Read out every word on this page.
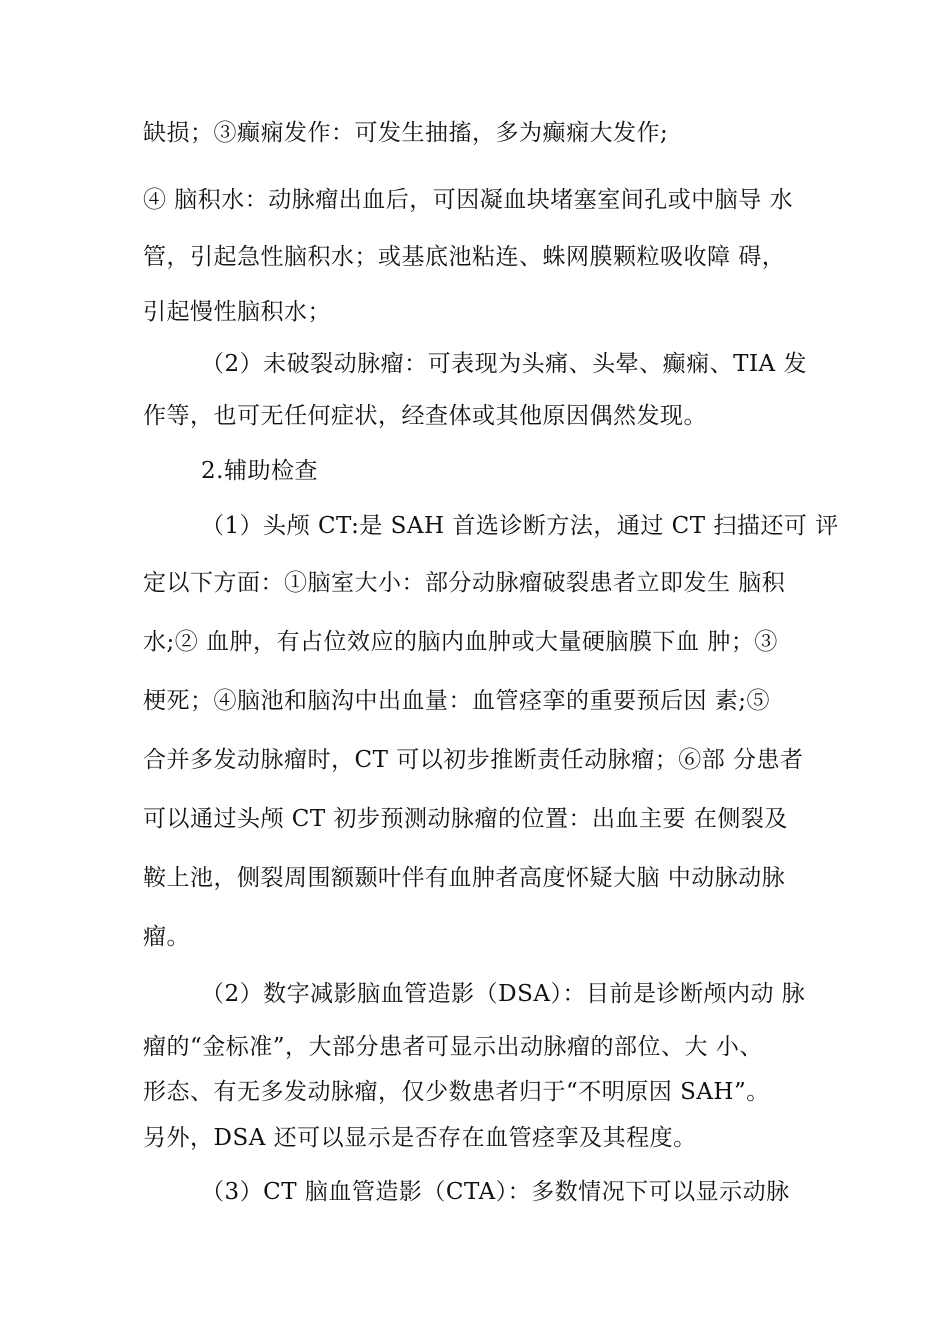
缺损；③癫痫发作：可发生抽搐，多为癫痫大发作;
④ 脑积水：动脉瘤出血后，可因凝血块堵塞室间孔或中脑导 水
管，引起急性脑积水；或基底池粘连、蛛网膜颗粒吸收障 碍，
引起慢性脑积水；
（2）未破裂动脉瘤：可表现为头痛、头晕、癫痫、TIA 发
作等，也可无任何症状，经查体或其他原因偶然发现。
2.辅助检查
（1）头颅 CT:是 SAH 首选诊断方法，通过 CT 扫描还可 评
定以下方面：①脑室大小：部分动脉瘤破裂患者立即发生 脑积
水;② 血肿，有占位效应的脑内血肿或大量硬脑膜下血 肿；③
梗死；④脑池和脑沟中出血量：血管痉挛的重要预后因 素;⑤
合并多发动脉瘤时，CT 可以初步推断责任动脉瘤；⑥部 分患者
可以通过头颅 CT 初步预测动脉瘤的位置：出血主要 在侧裂及
鞍上池，侧裂周围额颞叶伴有血肿者高度怀疑大脑 中动脉动脉
瘤。
（2）数字减影脑血管造影（DSA）：目前是诊断颅内动 脉
瘤的“金标准”，大部分患者可显示出动脉瘤的部位、大 小、
形态、有无多发动脉瘤，仅少数患者归于“不明原因 SAH”。
另外，DSA 还可以显示是否存在血管痉挛及其程度。
（3）CT 脑血管造影（CTA）：多数情况下可以显示动脉
